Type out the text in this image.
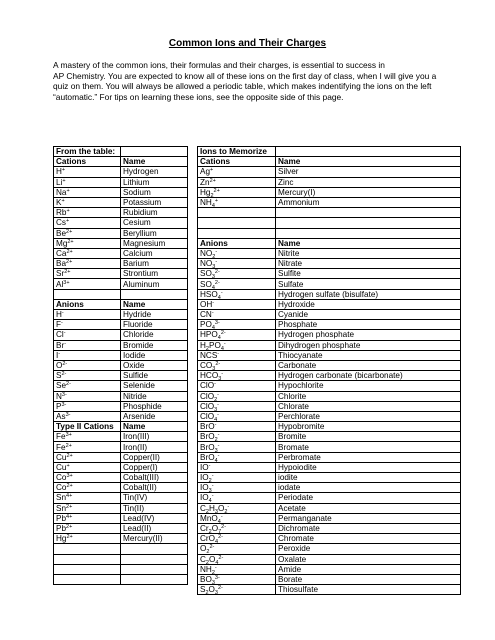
Common Ions and Their Charges

A mastery of the common ions, their formulas and their charges, is essential to success in

AP Chemistry. You are expected to know all of these ions on the first day of class, when I will give you a

quiz on them. You will always be allowed a periodic table, which makes indentifying the ions on the left

“automatic.” For tips on learning these ions, see the opposite side of this page.

From the table:	
Cations	Name
H+	Hydrogen
Li+	Lithium
Na+	Sodium
K+	Potassium
Rb+	Rubidium
Cs+	Cesium
$Be^{2+}$	Beryllium
$Mg^{2+}$	Magnesium
$Ca^{2+}$	Calcium
$Ba^{2+}$	Barium
$Sr^{2+}$	Strontium
$Al^{3+}$	Aluminum

Anions	Name
H-	Hydride
F-	Fluoride
Cl-	Chloride
Br-	Bromide
I-	Iodide
$O^{2-}$	Oxide
$S^{2-}$	Sulfide
$Se^{2-}$	Selenide
$N^{3-}$	Nitride
$P^{3-}$	Phosphide
$As^{3-}$	Arsenide
Type II Cations	Name
$Fe^{3+}$	Iron(III)
$Fe^{2+}$	Iron(II)
$Cu^{2+}$	Copper(II)
Cu+	Copper(I)
$Co^{3+}$	Cobalt(III)
$Co^{2+}$	Cobalt(II)
$Sn^{4+}$	Tin(IV)
$Sn^{2+}$	Tin(II)
$Pb^{4+}$	Lead(IV)
$Pb^{2+}$	Lead(II)
$Hg^{2+}$	Mercury(II)

Ions to Memorize	
Cations	Name
Ag+	Silver
$Zn^{2+}$	Zinc
$Hg_2^{2+}$	Mercury(I)
$NH_4^+$	Ammonium

Anions	Name
$NO_2^-$	Nitrite
$NO_3^-$	Nitrate
$SO_3^{2-}$	Sulfite
$SO_4^{2-}$	Sulfate
$HSO_4^-$	Hydrogen sulfate (bisulfate)
OH-	Hydroxide
CN-	Cyanide
$PO_4^{3-}$	Phosphate
$HPO_4^{2-}$	Hydrogen phosphate
$H_2PO_4^-$	Dihydrogen phosphate
NCS-	Thiocyanate
$CO_3^{2-}$	Carbonate
$HCO_3^-$	Hydrogen carbonate (bicarbonate)
ClO-	Hypochlorite
ClO$_2$-	Chlorite
ClO$_3$-	Chlorate
ClO$_4$-	Perchlorate
BrO-	Hypobromite
BrO$_2$-	Bromite
BrO$_3$-	Bromate
BrO$_4$-	Perbromate
IO-	Hypoiodite
$IO_2^-$	iodite
$IO_3^-$	iodate
$IO_4^-$	Periodate
$C_2H_3O_2^-$	Acetate
MnO$_4$-	Permanganate
$Cr_2O_7^{2-}$	Dichromate
CrO$_4^{2-}$	Chromate
$O_2^{2-}$	Peroxide
$C_2O_4^{2-}$	Oxalate
$NH_2^-$	Amide
$BO_3^{3-}$	Borate
$S_2O_3^{2-}$	Thiosulfate
